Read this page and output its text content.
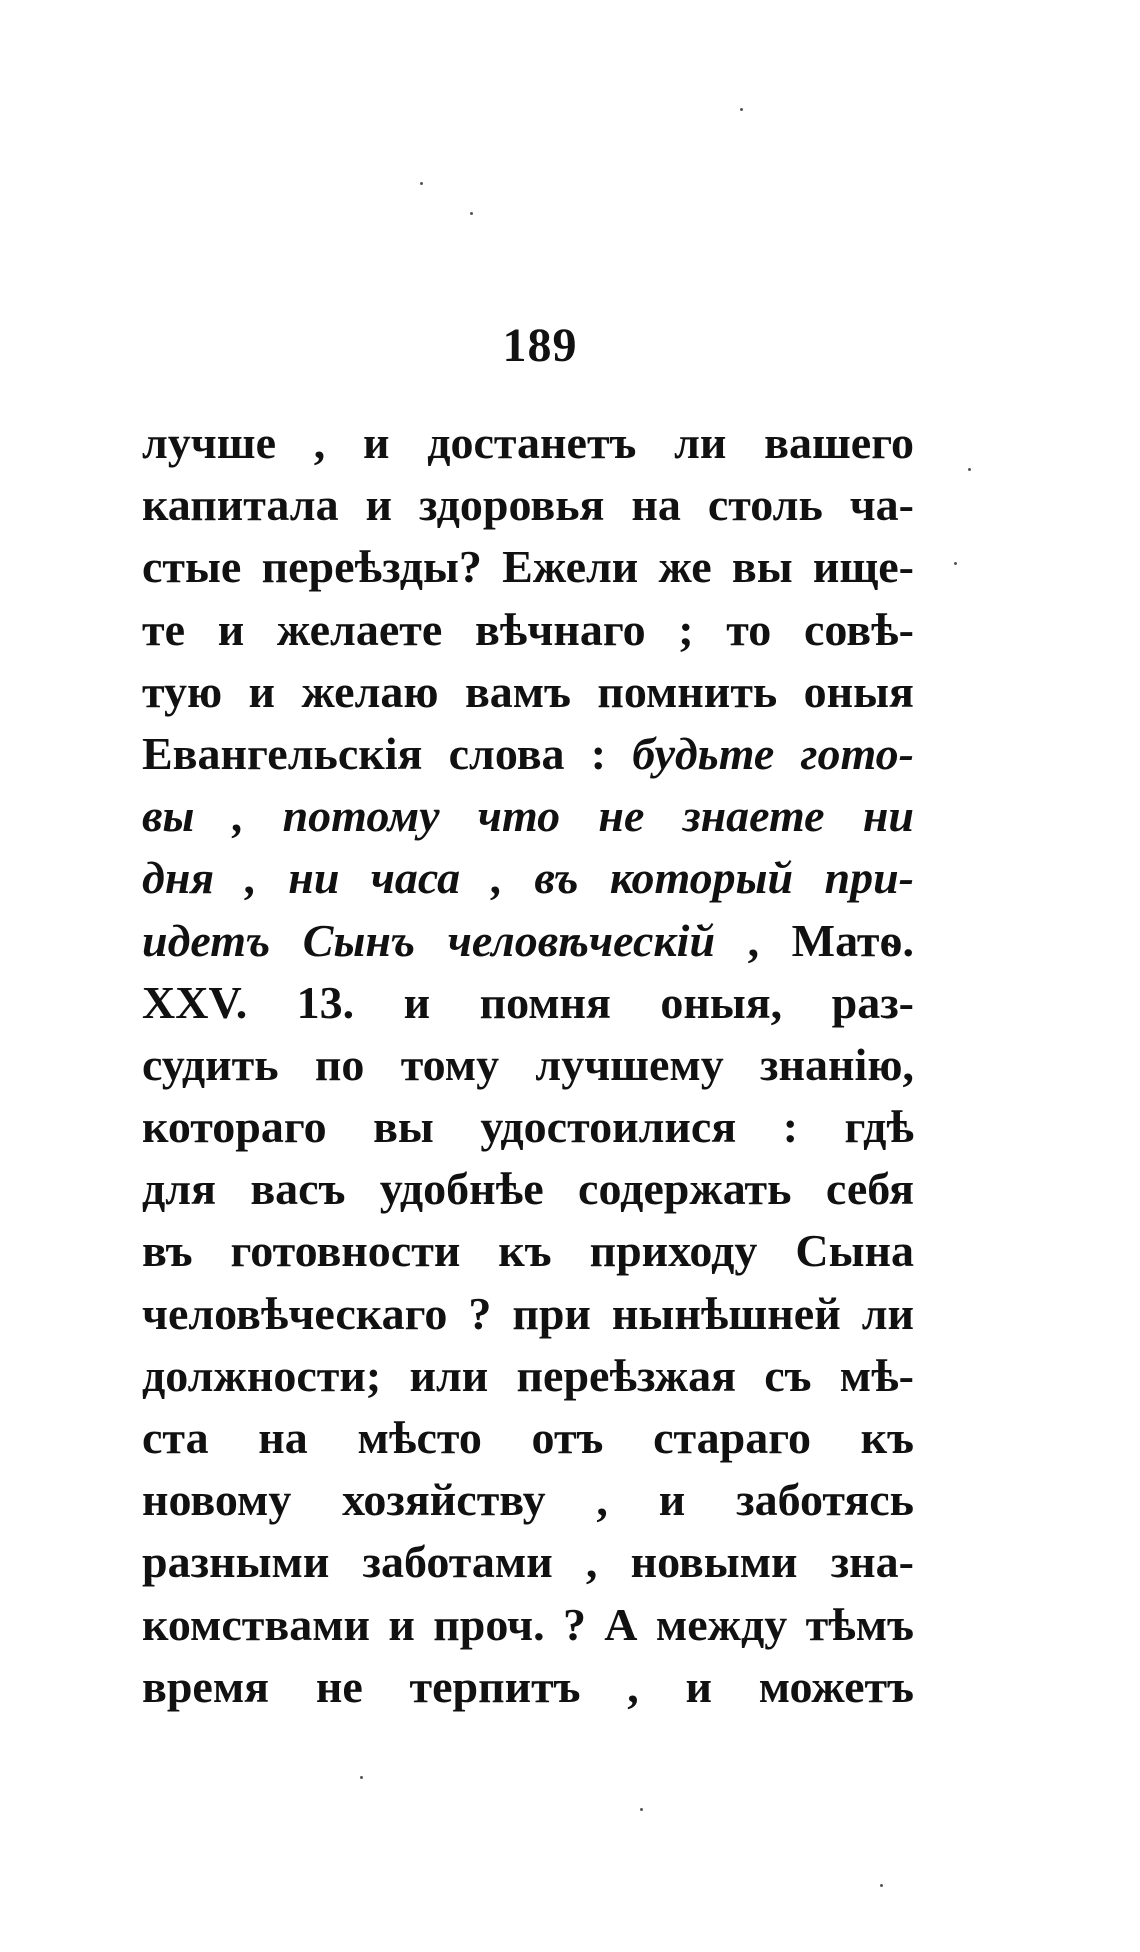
189
лучше , и достанетъ ли вашего
капитала и здоровья на столь ча-
стые переѣзды? Ежели же вы ище-
те и желаете вѣчнаго ; то совѣ-
тую и желаю вамъ помнить оныя
Евангельскія слова : будьте гото-
вы , потому что не знаете ни
дня , ни часа , въ который при-
идетъ Сынъ человѣческій , Матѳ.
XXV. 13. и помня оныя, раз-
судить по тому лучшему знанію,
котораго вы удостоилися : гдѣ
для васъ удобнѣе содержать себя
въ готовности къ приходу Сына
человѣческаго ? при нынѣшней ли
должности; или переѣзжая съ мѣ-
ста на мѣсто отъ стараго къ
новому хозяйству , и заботясь
разными заботами , новыми зна-
комствами и проч. ? А между тѣмъ
время не терпитъ , и можетъ
